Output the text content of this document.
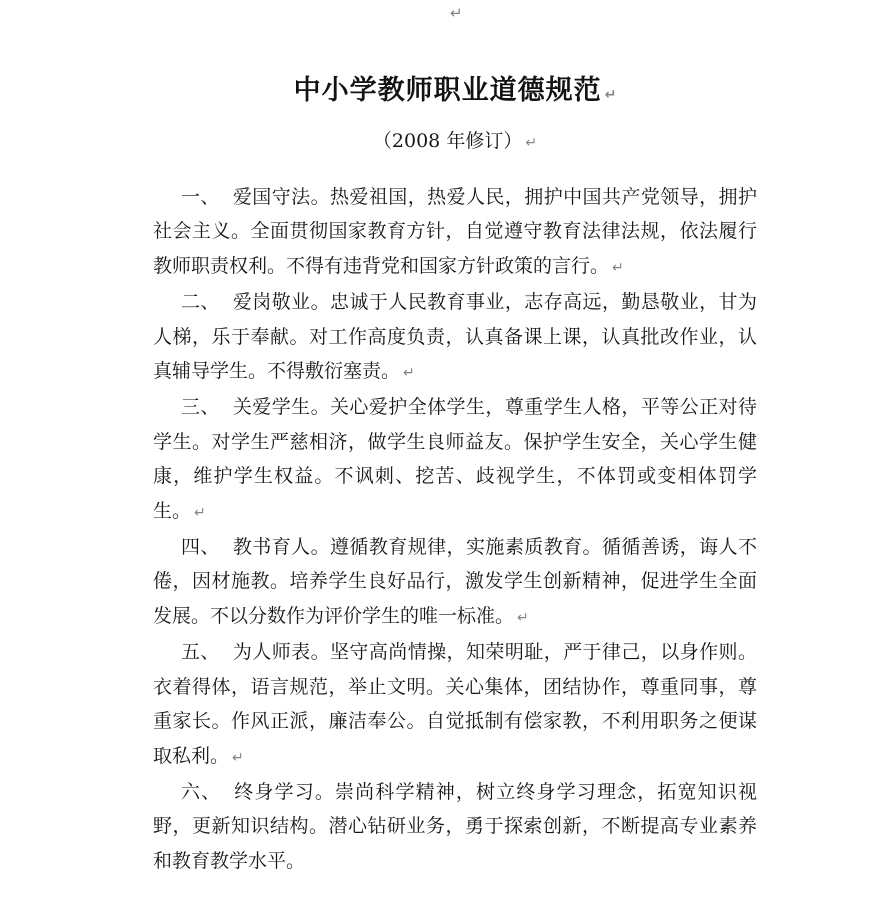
↵
中小学教师职业道德规范 ↵
（2008 年修订） ↵

一、 爱国守法。热爱祖国，热爱人民，拥护中国共产党领导，拥护社会主义。全面贯彻国家教育方针，自觉遵守教育法律法规，依法履行教师职责权利。不得有违背党和国家方针政策的言行。 ↵

二、 爱岗敬业。忠诚于人民教育事业，志存高远，勤恳敬业，甘为人梯，乐于奉献。对工作高度负责，认真备课上课，认真批改作业，认真辅导学生。不得敷衍塞责。 ↵

三、 关爱学生。关心爱护全体学生，尊重学生人格，平等公正对待学生。对学生严慈相济，做学生良师益友。保护学生安全，关心学生健康，维护学生权益。不讽刺、挖苦、歧视学生，不体罚或变相体罚学生。 ↵

四、 教书育人。遵循教育规律，实施素质教育。循循善诱，诲人不倦，因材施教。培养学生良好品行，激发学生创新精神，促进学生全面发展。不以分数作为评价学生的唯一标准。 ↵

五、 为人师表。坚守高尚情操，知荣明耻，严于律己，以身作则。衣着得体，语言规范，举止文明。关心集体，团结协作，尊重同事，尊重家长。作风正派，廉洁奉公。自觉抵制有偿家教，不利用职务之便谋取私利。 ↵

六、 终身学习。崇尚科学精神，树立终身学习理念，拓宽知识视野，更新知识结构。潜心钻研业务，勇于探索创新，不断提高专业素养和教育教学水平。
